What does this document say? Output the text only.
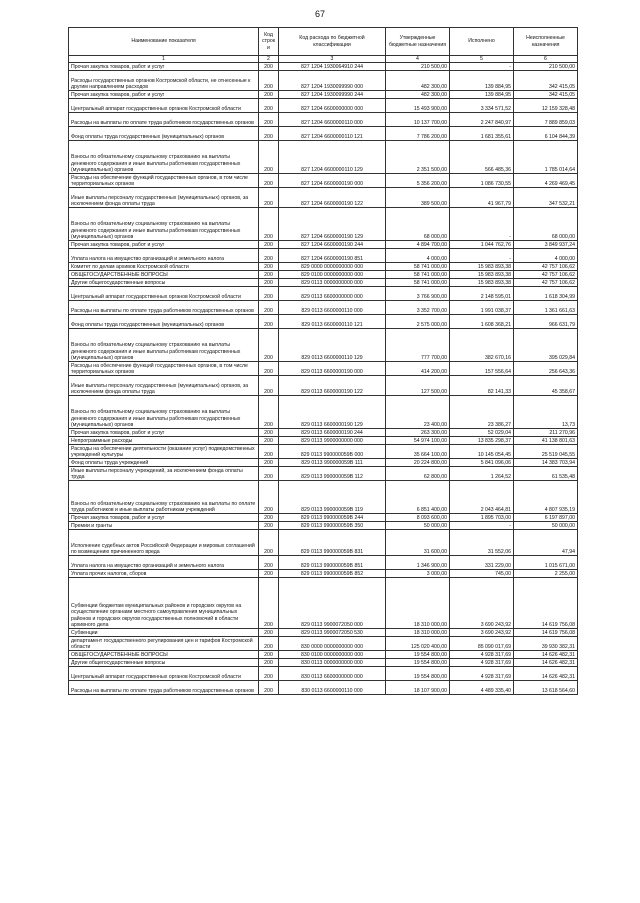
67
Наименование показателя	Код строк и	Код расхода по бюджетной классификации	Утвержденные бюджетные назначения	Исполнено	Неисполненные назначения
1	2	3	4	5	6
Прочая закупка товаров, работ и услуг	200	827 1204 1930064910 244	210 500,00	-	210 500,00
Расходы государственных органов Костромской области, не отнесенные к другим направлениям расходов	200	827 1204 1930099990 000	482 300,00	139 884,95	342 415,05
Прочая закупка товаров, работ и услуг	200	827 1204 1930099990 244	482 300,00	139 884,95	342 415,05
Центральный аппарат государственных органов Костромской области	200	827 1204 6600000000 000	15 493 900,00	3 334 571,52	12 159 328,48
Расходы на выплаты по оплате труда работников государственных органов	200	827 1204 6600000110 000	10 137 700,00	2 247 840,97	7 889 859,03
Фонд оплаты труда государственных (муниципальных) органов	200	827 1204 6600000110 121	7 786 200,00	1 681 355,61	6 104 844,39
Взносы по обязательному социальному страхованию на выплаты денежного содержания и иные выплаты работникам государственных (муниципальных) органов	200	827 1204 6600000110 129	2 351 500,00	566 485,36	1 785 014,64
Расходы на обеспечение функций государственных органов, в том числе территориальных органов	200	827 1204 6600000190 000	5 356 200,00	1 086 730,55	4 269 469,45
Иные выплаты персоналу государственных (муниципальных) органов, за исключением фонда оплаты труда	200	827 1204 6600000190 122	389 500,00	41 967,79	347 532,21
Взносы по обязательному социальному страхованию на выплаты денежного содержания и иные выплаты работникам государственных (муниципальных) органов	200	827 1204 6600000190 129	68 000,00	-	68 000,00
Прочая закупка товаров, работ и услуг	200	827 1204 6600000190 244	4 894 700,00	1 044 762,76	3 849 937,24
Уплата налога на имущество организаций и земельного налога	200	827 1204 6600000190 851	4 000,00	-	4 000,00
Комитет по делам архивов Костромской области	200	829 0000 0000000000 000	58 741 000,00	15 983 893,38	42 757 106,62
ОБЩЕГОСУДАРСТВЕННЫЕ ВОПРОСЫ	200	829 0100 0000000000 000	58 741 000,00	15 983 893,38	42 757 106,62
Другие общегосударственные вопросы	200	829 0113 0000000000 000	58 741 000,00	15 983 893,38	42 757 106,62
Центральный аппарат государственных органов Костромской области	200	829 0113 6600000000 000	3 766 900,00	2 148 595,01	1 618 304,99
Расходы на выплаты по оплате труда работников государственных органов	200	829 0113 6600000110 000	3 352 700,00	1 991 038,37	1 361 661,63
Фонд оплаты труда государственных (муниципальных) органов	200	829 0113 6600000110 121	2 575 000,00	1 608 368,21	966 631,79
Взносы по обязательному социальному страхованию на выплаты денежного содержания и иные выплаты работникам государственных (муниципальных) органов	200	829 0113 6600000110 129	777 700,00	382 670,16	395 029,84
Расходы на обеспечение функций государственных органов, в том числе территориальных органов	200	829 0113 6600000190 000	414 200,00	157 556,64	256 643,36
Иные выплаты персоналу государственных (муниципальных) органов, за исключением фонда оплаты труда	200	829 0113 6600000190 122	127 500,00	82 141,33	45 358,67
Взносы по обязательному социальному страхованию на выплаты денежного содержания и иные выплаты работникам государственных (муниципальных) органов	200	829 0113 6600000190 129	23 400,00	23 386,27	13,73
Прочая закупка товаров, работ и услуг	200	829 0113 6600000190 244	263 300,00	52 029,04	211 270,96
Непрограммные расходы	200	829 0113 9900000000 000	54 974 100,00	13 835 298,37	41 138 801,63
Расходы на обеспечение деятельности (оказание услуг) подведомственных учреждений культуры	200	829 0113 990000059В 000	35 664 100,00	10 145 054,45	25 519 045,55
Фонд оплаты труда учреждений	200	829 0113 990000059В 111	20 224 800,00	5 841 096,06	14 383 703,94
Иные выплаты персоналу учреждений, за исключением фонда оплаты труда	200	829 0113 990000059В 112	62 800,00	1 264,52	61 535,48
Взносы по обязательному социальному страхованию на выплаты по оплате труда работников и иные выплаты работникам учреждений	200	829 0113 990000059В 119	6 851 400,00	2 043 464,81	4 807 935,19
Прочая закупка товаров, работ и услуг	200	829 0113 990000059В 244	8 093 600,00	1 895 703,00	6 197 897,00
Премии и гранты	200	829 0113 990000059В 350	50 000,00	-	50 000,00
Исполнение судебных актов Российской Федерации и мировых соглашений по возмещению причиненного вреда	200	829 0113 990000059В 831	31 600,00	31 552,06	47,94
Уплата налога на имущество организаций и земельного налога	200	829 0113 990000059В 851	1 346 900,00	331 229,00	1 015 671,00
Уплата прочих налогов, сборов	200	829 0113 990000059В 852	3 000,00	745,00	2 255,00
Субвенции бюджетам муниципальных районов и городских округов на осуществление органами местного самоуправления муниципальных районов и городских округов государственных полномочий в области архивного дела	200	829 0113 9900072050 000	18 310 000,00	3 690 243,92	14 619 756,08
Субвенции	200	829 0113 9900072050 530	18 310 000,00	3 690 243,92	14 619 756,08
департамент государственного регулирования цен и тарифов Костромской области	200	830 0000 0000000000 000	125 020 400,00	85 090 017,69	39 930 382,31
ОБЩЕГОСУДАРСТВЕННЫЕ ВОПРОСЫ	200	830 0100 0000000000 000	19 554 800,00	4 928 317,69	14 626 482,31
Другие общегосударственные вопросы	200	830 0113 0000000000 000	19 554 800,00	4 928 317,69	14 626 482,31
Центральный аппарат государственных органов Костромской области	200	830 0113 6600000000 000	19 554 800,00	4 928 317,69	14 626 482,31
Расходы на выплаты по оплате труда работников государственных органов	200	830 0113 6600000110 000	18 107 900,00	4 489 335,40	13 618 564,60
